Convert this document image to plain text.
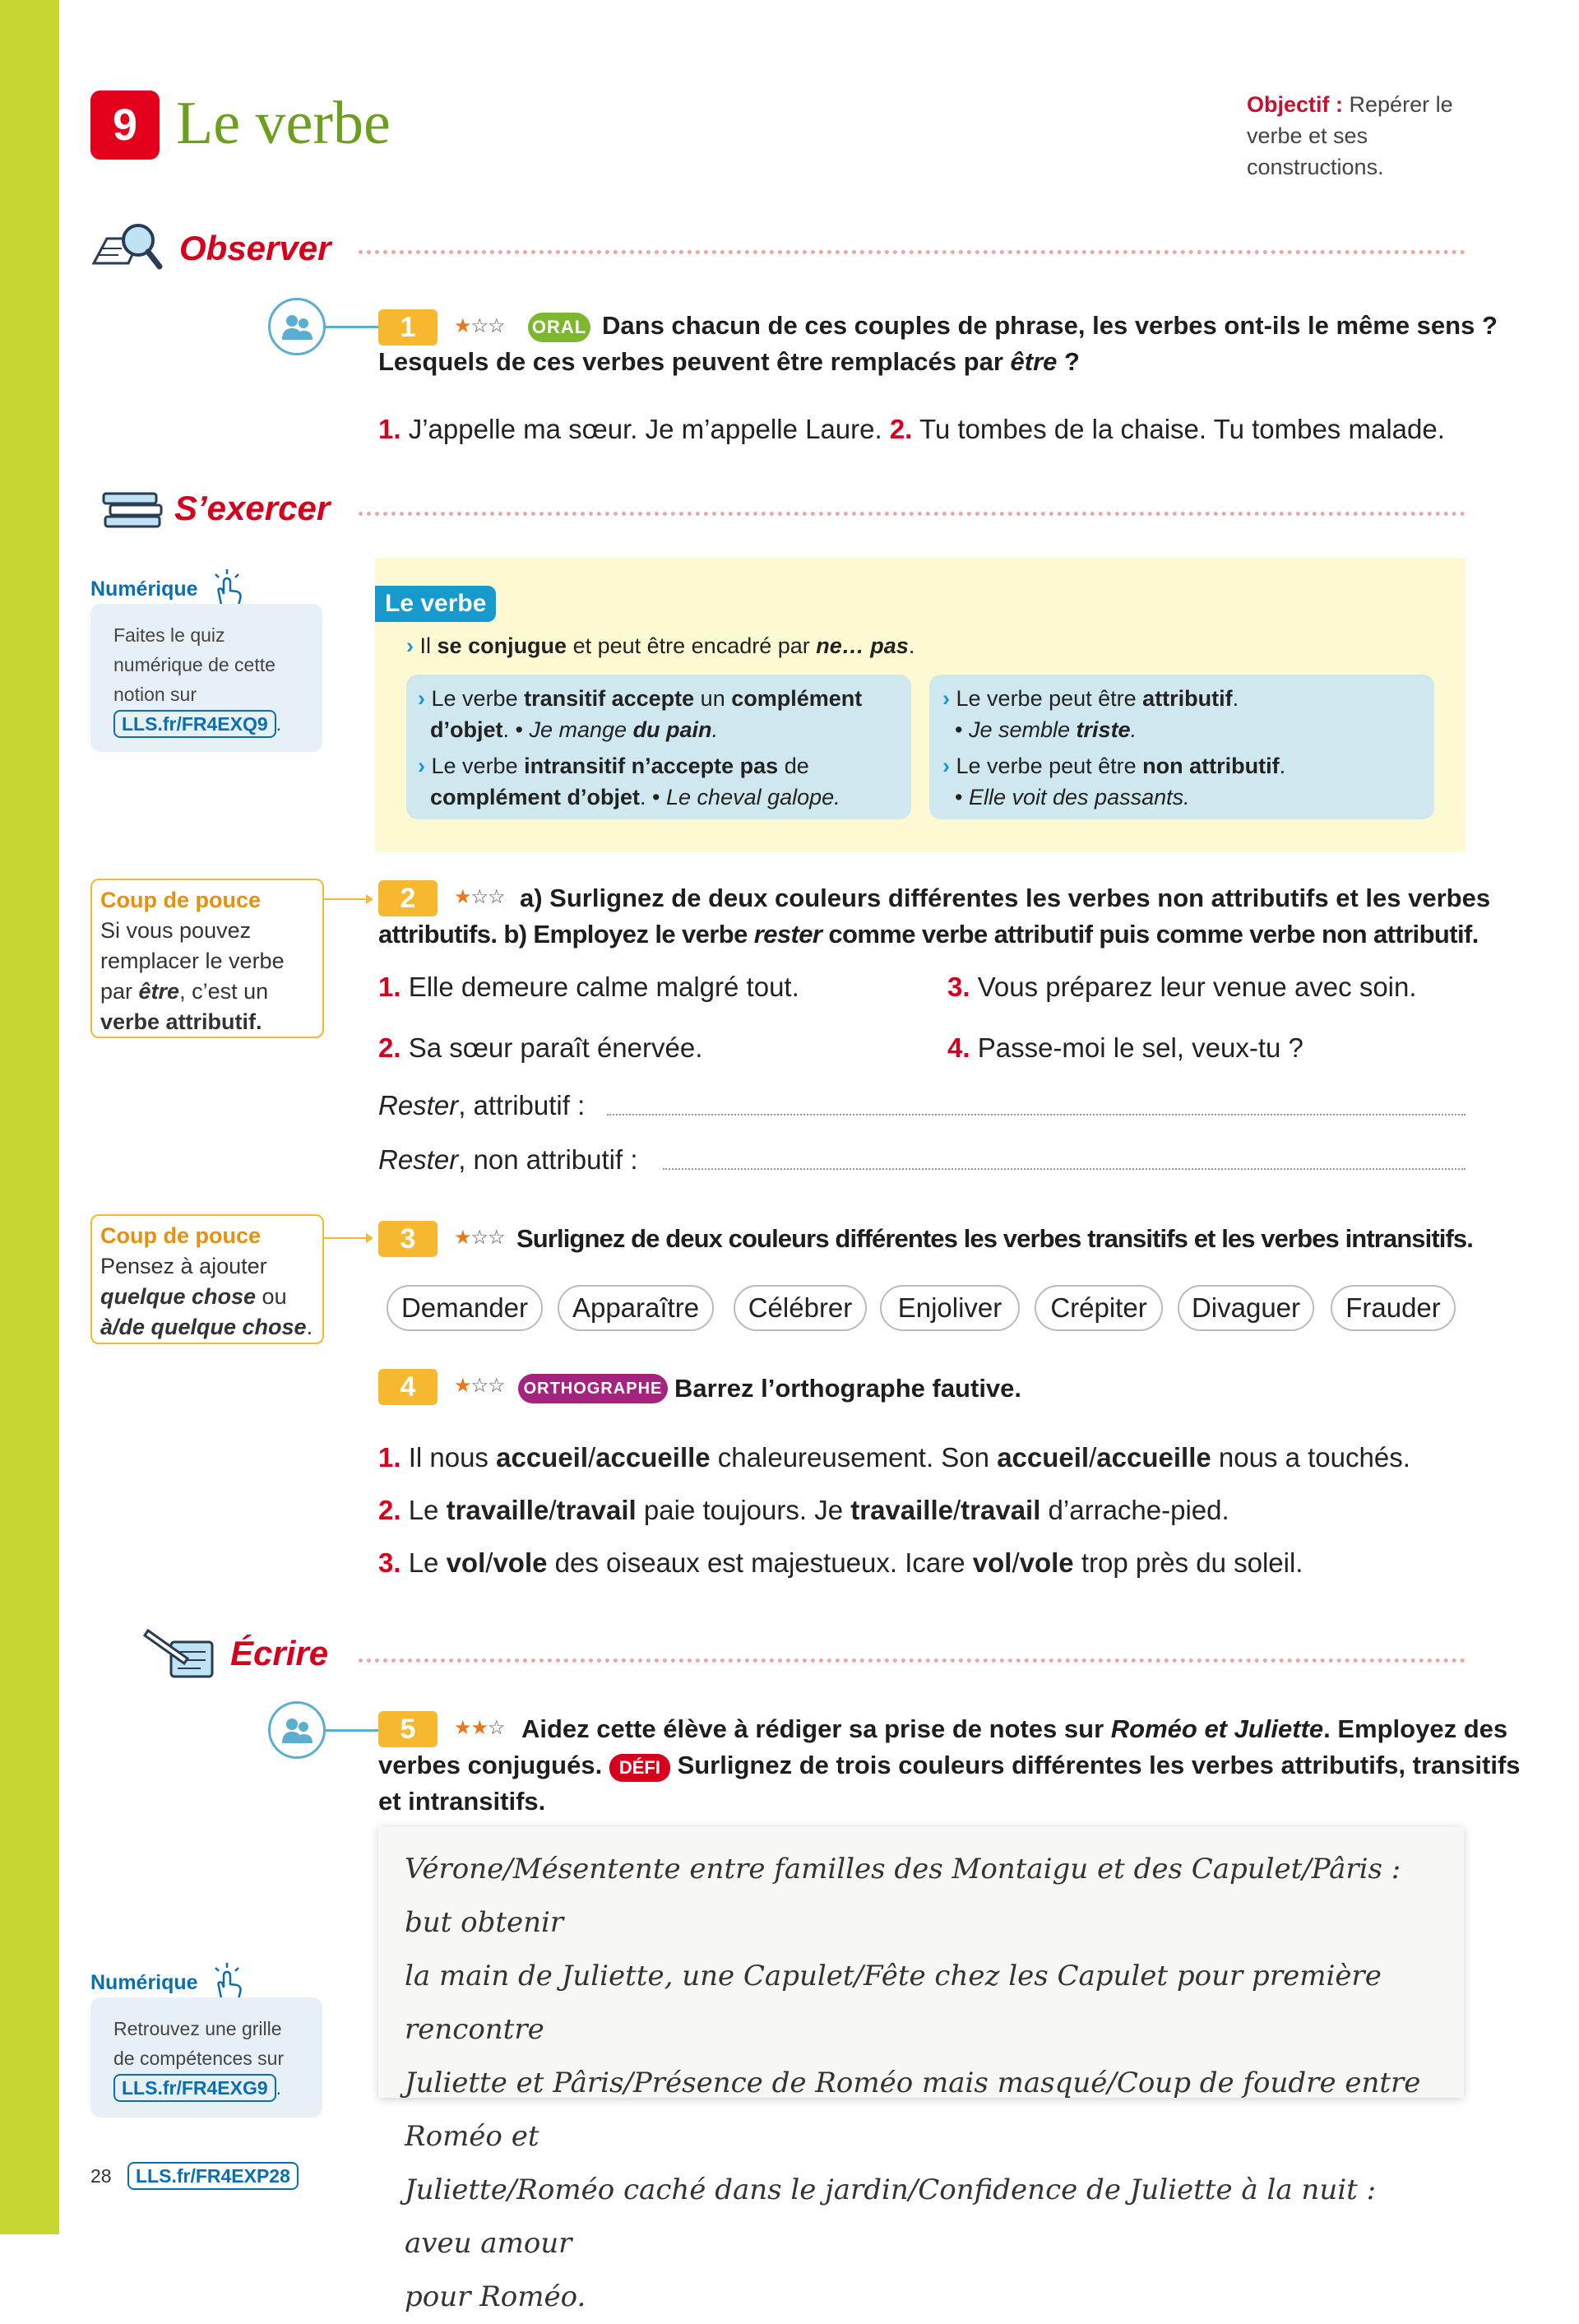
9 Le verbe	Objectif : Repérer le verbe et ses constructions.
Observer
1	★☆☆ ORAL Dans chacun de ces couples de phrase, les verbes ont-ils le même sens ?
Lesquels de ces verbes peuvent être remplacés par être ?
1. J’appelle ma sœur. Je m’appelle Laure. 2. Tu tombes de la chaise. Tu tombes malade.
S’exercer
Numérique
Faites le quiz numérique de cette notion sur LLS.fr/FR4EXQ9 .
Le verbe
› Il se conjugue et peut être encadré par ne… pas.
› Le verbe transitif accepte un complément
d’objet. • Je mange du pain.
› Le verbe intransitif n’accepte pas de
complément d’objet. • Le cheval galope.
› Le verbe peut être attributif.
• Je semble triste.
› Le verbe peut être non attributif.
• Elle voit des passants.
Coup de pouce
Si vous pouvez
remplacer le verbe
par être, c’est un
verbe attributif.
2	★☆☆ a) Surlignez de deux couleurs différentes les verbes non attributifs et les verbes
attributifs. b) Employez le verbe rester comme verbe attributif puis comme verbe non attributif.
1. Elle demeure calme malgré tout.
2. Sa sœur paraît énervée.
3. Vous préparez leur venue avec soin.
4. Passe-moi le sel, veux-tu ?
Rester, attributif :
Rester, non attributif :
Coup de pouce
Pensez à ajouter
quelque chose ou
à/de quelque chose.
3	★☆☆ Surlignez de deux couleurs différentes les verbes transitifs et les verbes intransitifs.
Demander	Apparaître	Célébrer	Enjoliver	Crépiter	Divaguer	Frauder
4	★☆☆	ORTHOGRAPHE Barrez l’orthographe fautive.
1. Il nous accueil/accueille chaleureusement. Son accueil/accueille nous a touchés.
2. Le travaille/travail paie toujours. Je travaille/travail d’arrache-pied.
3. Le vol/vole des oiseaux est majestueux. Icare vol/vole trop près du soleil.
Écrire
5	★★☆ Aidez cette élève à rédiger sa prise de notes sur Roméo et Juliette. Employez des
verbes conjugués. DÉFI Surlignez de trois couleurs différentes les verbes attributifs, transitifs
et intransitifs.
Numérique
Retrouvez une grille de compétences sur LLS.fr/FR4EXG9 .
Vérone/Mésentente entre familles des Montaigu et des Capulet/Pâris : but obtenir
la main de Juliette, une Capulet/Fête chez les Capulet pour première rencontre
Juliette et Pâris/Présence de Roméo mais masqué/Coup de foudre entre Roméo et
Juliette/Roméo caché dans le jardin/Confidence de Juliette à la nuit : aveu amour
pour Roméo.
28	LLS.fr/FR4EXP28
